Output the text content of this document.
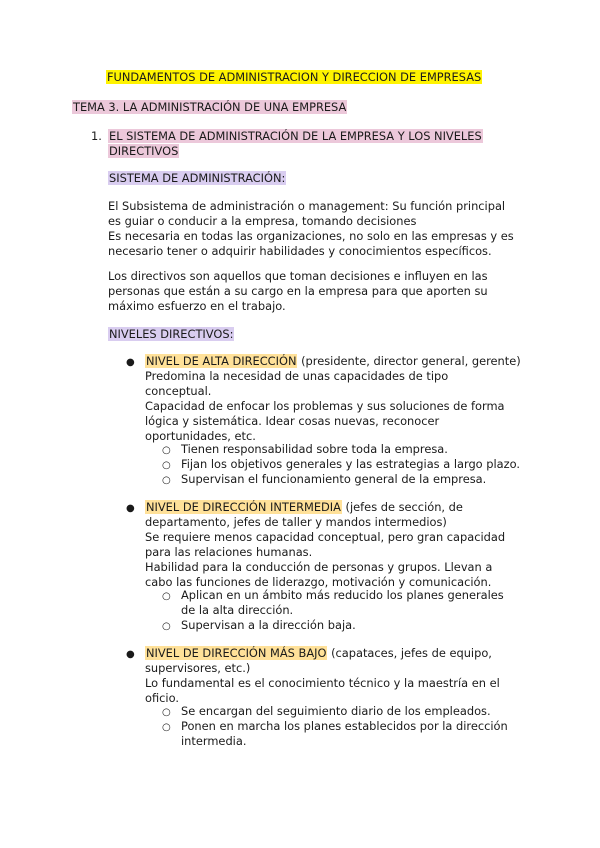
FUNDAMENTOS DE ADMINISTRACION Y DIRECCION DE EMPRESAS
TEMA 3. LA ADMINISTRACIÓN DE UNA EMPRESA
1. EL SISTEMA DE ADMINISTRACIÓN DE LA EMPRESA Y LOS NIVELES
DIRECTIVOS
SISTEMA DE ADMINISTRACIÓN:

El Subsistema de administración o management: Su función principal

es guiar o conducir a la empresa, tomando decisiones

Es necesaria en todas las organizaciones, no solo en las empresas y es

necesario tener o adquirir habilidades y conocimientos específicos.

Los directivos son aquellos que toman decisiones e influyen en las

personas que están a su cargo en la empresa para que aporten su

máximo esfuerzo en el trabajo.

NIVELES DIRECTIVOS:
● NIVEL DE ALTA DIRECCIÓN (presidente, director general, gerente)

Predomina la necesidad de unas capacidades de tipo

conceptual.

Capacidad de enfocar los problemas y sus soluciones de forma

lógica y sistemática. Idear cosas nuevas, reconocer

oportunidades, etc.

○ Tienen responsabilidad sobre toda la empresa.
○ Fijan los objetivos generales y las estrategias a largo plazo.
○ Supervisan el funcionamiento general de la empresa.
● NIVEL DE DIRECCIÓN INTERMEDIA (jefes de sección, de

departamento, jefes de taller y mandos intermedios)

Se requiere menos capacidad conceptual, pero gran capacidad

para las relaciones humanas.

Habilidad para la conducción de personas y grupos. Llevan a

cabo las funciones de liderazgo, motivación y comunicación.

○ Aplican en un ámbito más reducido los planes generales

de la alta dirección.

○ Supervisan a la dirección baja.
● NIVEL DE DIRECCIÓN MÁS BAJO (capataces, jefes de equipo,

supervisores, etc.)

Lo fundamental es el conocimiento técnico y la maestría en el

oficio.

○ Se encargan del seguimiento diario de los empleados.
○ Ponen en marcha los planes establecidos por la dirección

intermedia.
